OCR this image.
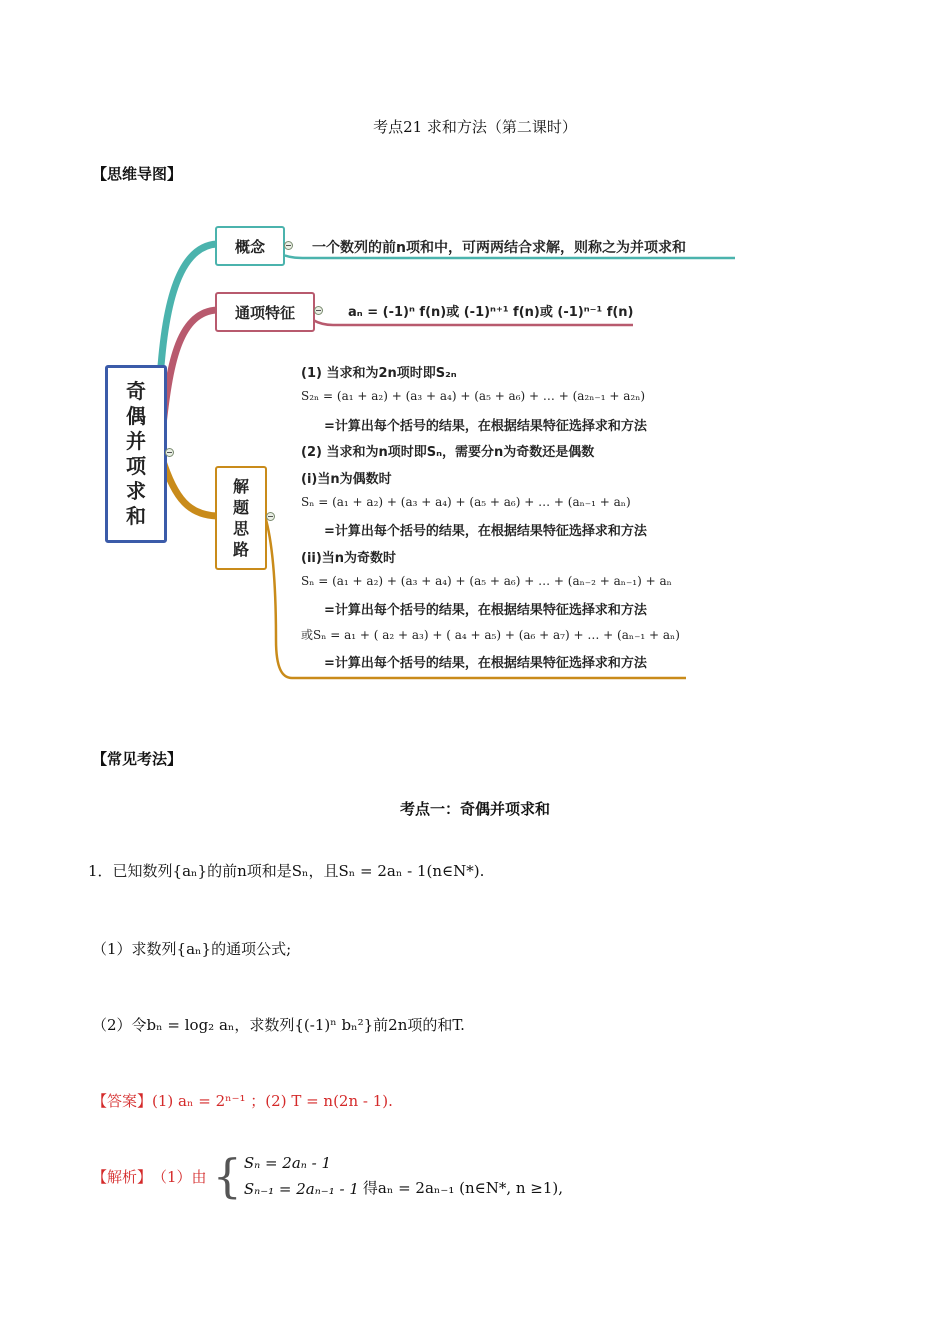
考点21 求和方法（第二课时）
【思维导图】
奇
偶
并
项
求
和
概念	一个数列的前n项和中，可两两结合求解，则称之为并项求和
通项特征	aₙ = (-1)ⁿ f(n)或 (-1)ⁿ⁺¹ f(n)或 (-1)ⁿ⁻¹ f(n)
解
题
思
路
(1) 当求和为2n项时即S₂ₙ
S₂ₙ = (a₁ + a₂) + (a₃ + a₄) + (a₅ + a₆) + … + (a₂ₙ₋₁ + a₂ₙ)
=计算出每个括号的结果，在根据结果特征选择求和方法
(2) 当求和为n项时即Sₙ，需要分n为奇数还是偶数
(i)当n为偶数时
Sₙ = (a₁ + a₂) + (a₃ + a₄) + (a₅ + a₆) + … + (aₙ₋₁ + aₙ)
=计算出每个括号的结果，在根据结果特征选择求和方法
(ii)当n为奇数时
Sₙ = (a₁ + a₂) + (a₃ + a₄) + (a₅ + a₆) + … + (aₙ₋₂ + aₙ₋₁) + aₙ
=计算出每个括号的结果，在根据结果特征选择求和方法
或Sₙ = a₁ + ( a₂ + a₃) + ( a₄ + a₅) + (a₆ + a₇) + … + (aₙ₋₁ + aₙ)
=计算出每个括号的结果，在根据结果特征选择求和方法
【常见考法】
考点一：奇偶并项求和
1．已知数列{aₙ}的前n项和是Sₙ，且Sₙ = 2aₙ - 1(n∈N*).
（1）求数列{aₙ}的通项公式;
（2）令bₙ = log₂ aₙ，求数列{(-1)ⁿ bₙ²}前2n项的和T.
【答案】(1) aₙ = 2ⁿ⁻¹ ；(2) T = n(2n - 1).
【解析】 （1）由 { Sₙ = 2aₙ - 1
Sₙ₋₁ = 2aₙ₋₁ - 1 得aₙ = 2aₙ₋₁ (n∈N*, n ≥1),
